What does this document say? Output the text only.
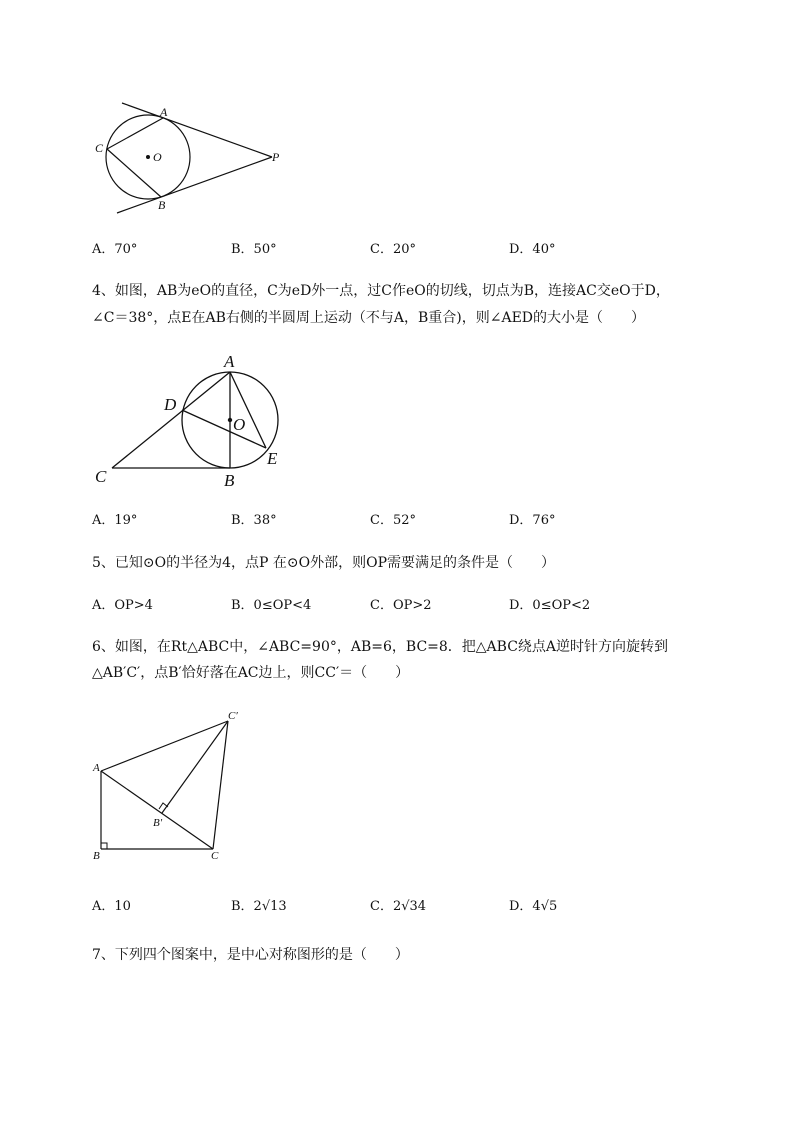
A
C
O	P
B
A．70°	B．50°	C．20°	D．40°
4、如图，AB为eO的直径，C为eD外一点，过C作eO的切线，切点为B，连接AC交eO于D，
∠C＝38°，点E在AB右侧的半圆周上运动（不与A，B重合)，则∠AED的大小是（　　）
A
D
O
C	B
E
A．19°	B．38°	C．52°	D．76°
5、已知⊙O的半径为4，点P 在⊙O外部，则OP需要满足的条件是（　　）
A．OP>4	B．0≤OP<4	C．OP>2	D．0≤OP<2
6、如图，在Rt△ABC中，∠ABC=90°，AB=6，BC=8．把△ABC绕点A逆时针方向旋转到
△AB′C′，点B′恰好落在AC边上，则CC′＝（　　）
A
C′
B′
B	C
A．10	B．2√13	C．2√34	D．4√5
7、下列四个图案中，是中心对称图形的是（　　）
